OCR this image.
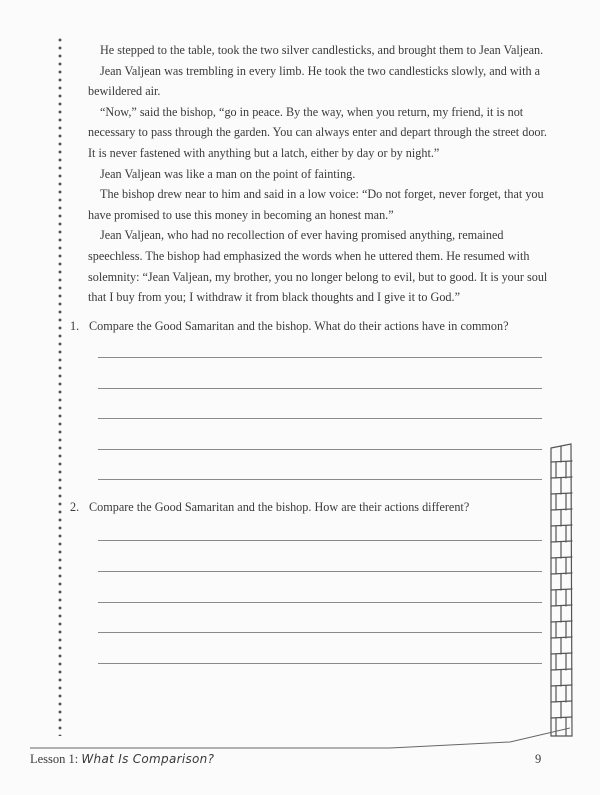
He stepped to the table, took the two silver candlesticks, and brought them to Jean Valjean.

Jean Valjean was trembling in every limb. He took the two candlesticks slowly, and with a bewildered air.

“Now,” said the bishop, “go in peace. By the way, when you return, my friend, it is not necessary to pass through the garden. You can always enter and depart through the street door. It is never fastened with anything but a latch, either by day or by night.”

Jean Valjean was like a man on the point of fainting.

The bishop drew near to him and said in a low voice: “Do not forget, never forget, that you have promised to use this money in becoming an honest man.”

Jean Valjean, who had no recollection of ever having promised anything, remained speechless. The bishop had emphasized the words when he uttered them. He resumed with solemnity: “Jean Valjean, my brother, you no longer belong to evil, but to good. It is your soul that I buy from you; I withdraw it from black thoughts and I give it to God.”

1. Compare the Good Samaritan and the bishop. What do their actions have in common?
2. Compare the Good Samaritan and the bishop. How are their actions different?
Lesson 1: What Is Comparison?	9
